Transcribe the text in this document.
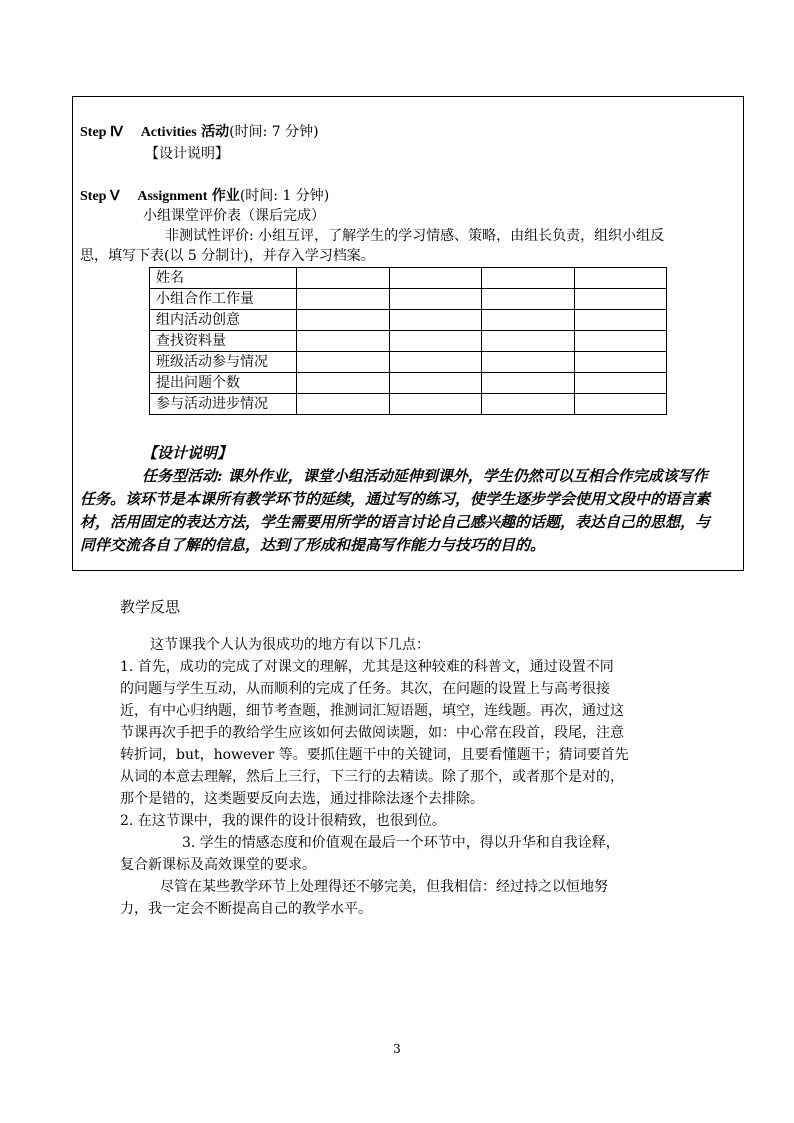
Step Ⅳ Activities 活动(时间: 7 分钟)
【设计说明】
Step Ⅴ Assignment 作业(时间: 1 分钟)
小组课堂评价表（课后完成）
非测试性评价: 小组互评，了解学生的学习情感、策略，由组长负责，组织小组反
思，填写下表(以 5 分制计)，并存入学习档案。
姓名				
小组合作工作量				
组内活动创意				
查找资料量				
班级活动参与情况				
提出问题个数				
参与活动进步情况				
【设计说明】
任务型活动: 课外作业，课堂小组活动延伸到课外，学生仍然可以互相合作完成该写作
任务。该环节是本课所有教学环节的延续，通过写的练习，使学生逐步学会使用文段中的语言素
材，活用固定的表达方法，学生需要用所学的语言讨论自己感兴趣的话题，表达自己的思想，与
同伴交流各自了解的信息，达到了形成和提高写作能力与技巧的目的。
教学反思
这节课我个人认为很成功的地方有以下几点：
1. 首先，成功的完成了对课文的理解，尤其是这种较难的科普文，通过设置不同
的问题与学生互动，从而顺利的完成了任务。其次，在问题的设置上与高考很接
近，有中心归纳题，细节考查题，推测词汇短语题，填空，连线题。再次，通过这
节课再次手把手的教给学生应该如何去做阅读题，如：中心常在段首，段尾，注意
转折词，but，however 等。要抓住题干中的关键词，且要看懂题干；猜词要首先
从词的本意去理解，然后上三行，下三行的去精读。除了那个，或者那个是对的，
那个是错的，这类题要反向去选，通过排除法逐个去排除。
2. 在这节课中，我的课件的设计很精致，也很到位。
3. 学生的情感态度和价值观在最后一个环节中，得以升华和自我诠释，
复合新课标及高效课堂的要求。
尽管在某些教学环节上处理得还不够完美，但我相信：经过持之以恒地努
力，我一定会不断提高自己的教学水平。
3
